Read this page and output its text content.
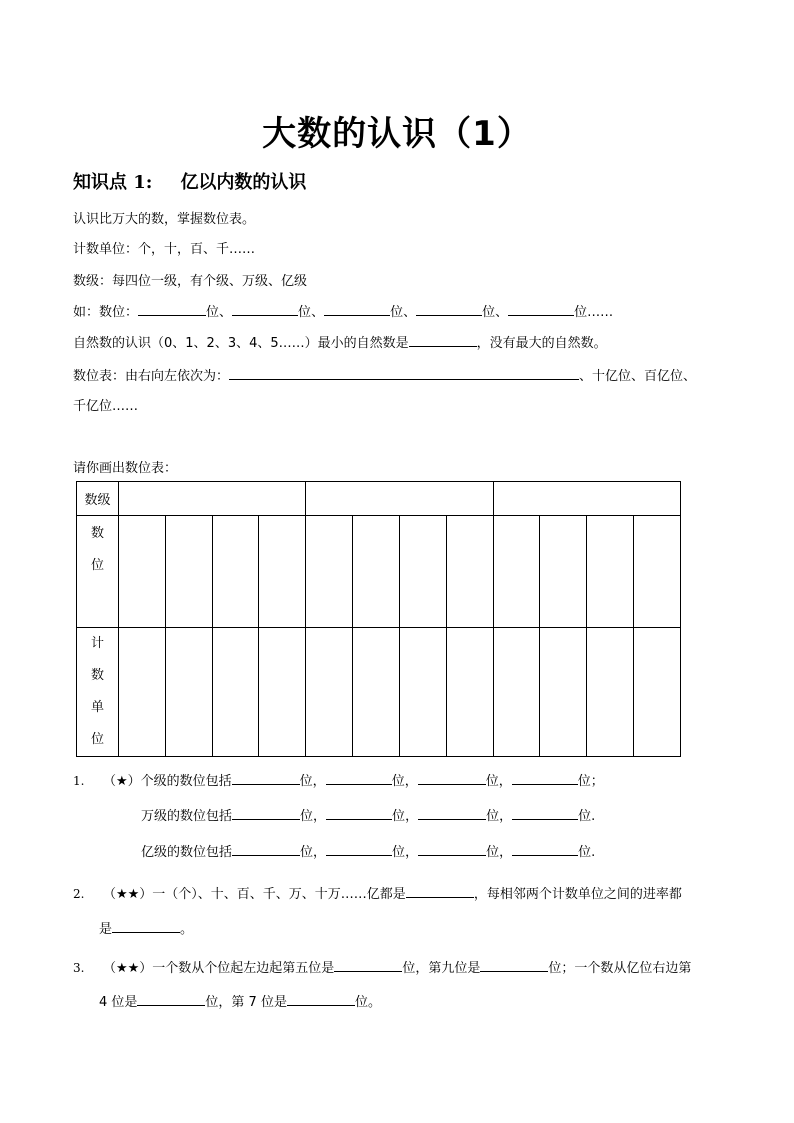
大数的认识（1）
知识点 1: 亿以内数的认识
认识比万大的数，掌握数位表。
计数单位：个，十，百、千……
数级：每四位一级，有个级、万级、亿级
如：数位：	位、	位、	位、	位、	位……
自然数的认识（0、1、2、3、4、5……）最小的自然数是	，没有最大的自然数。
数位表：由右向左依次为：	、十亿位、百亿位、
千亿位……
请你画出数位表：
数级												

数
位												

计
数
单
位												

1. （★）个级的数位包括	位，	位，	位，	位；
万级的数位包括	位，	位，	位，	位.
亿级的数位包括	位，	位，	位，	位.
2. （★★）一（个）、十、百、千、万、十万……亿都是	，每相邻两个计数单位之间的进率都
是	。
3. （★★）一个数从个位起左边起第五位是	位，第九位是	位；一个数从亿位右边第
4 位是	位，第 7 位是	位。
